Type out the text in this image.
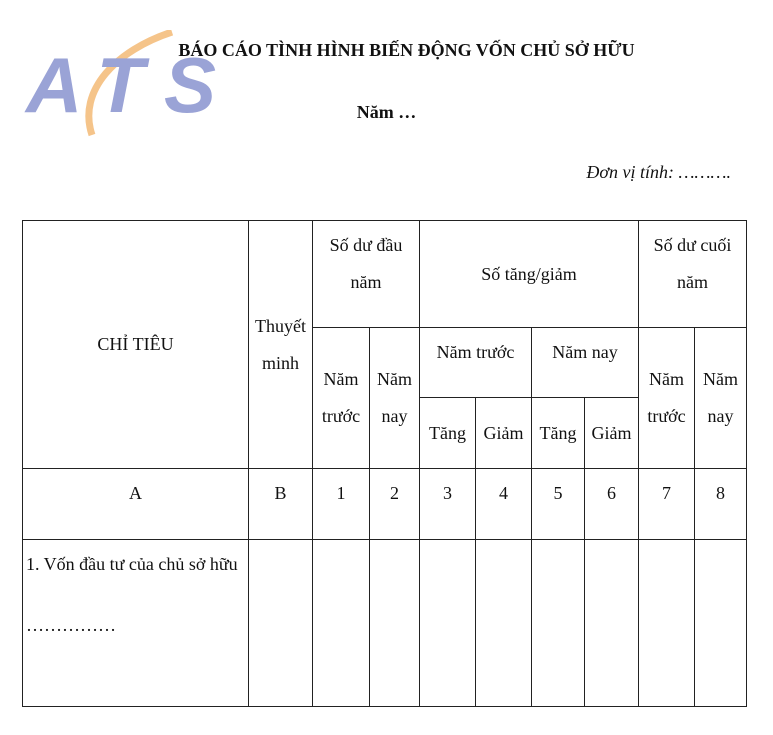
ATS
BÁO CÁO TÌNH HÌNH BIẾN ĐỘNG VỐN CHỦ SỞ HỮU
Năm …
Đơn vị tính: ……….
CHỈ TIÊU	Thuyết minh	Số dư đầu năm		Số tăng/giảm				Số dư cuối năm	
		Năm trước	Năm nay	Năm trước		Năm nay		Năm trước	Năm nay
				Tăng	Giảm	Tăng	Giảm		
A	B	1	2	3	4	5	6	7	8

1. Vốn đầu tư của chủ sở hữu
……………									
